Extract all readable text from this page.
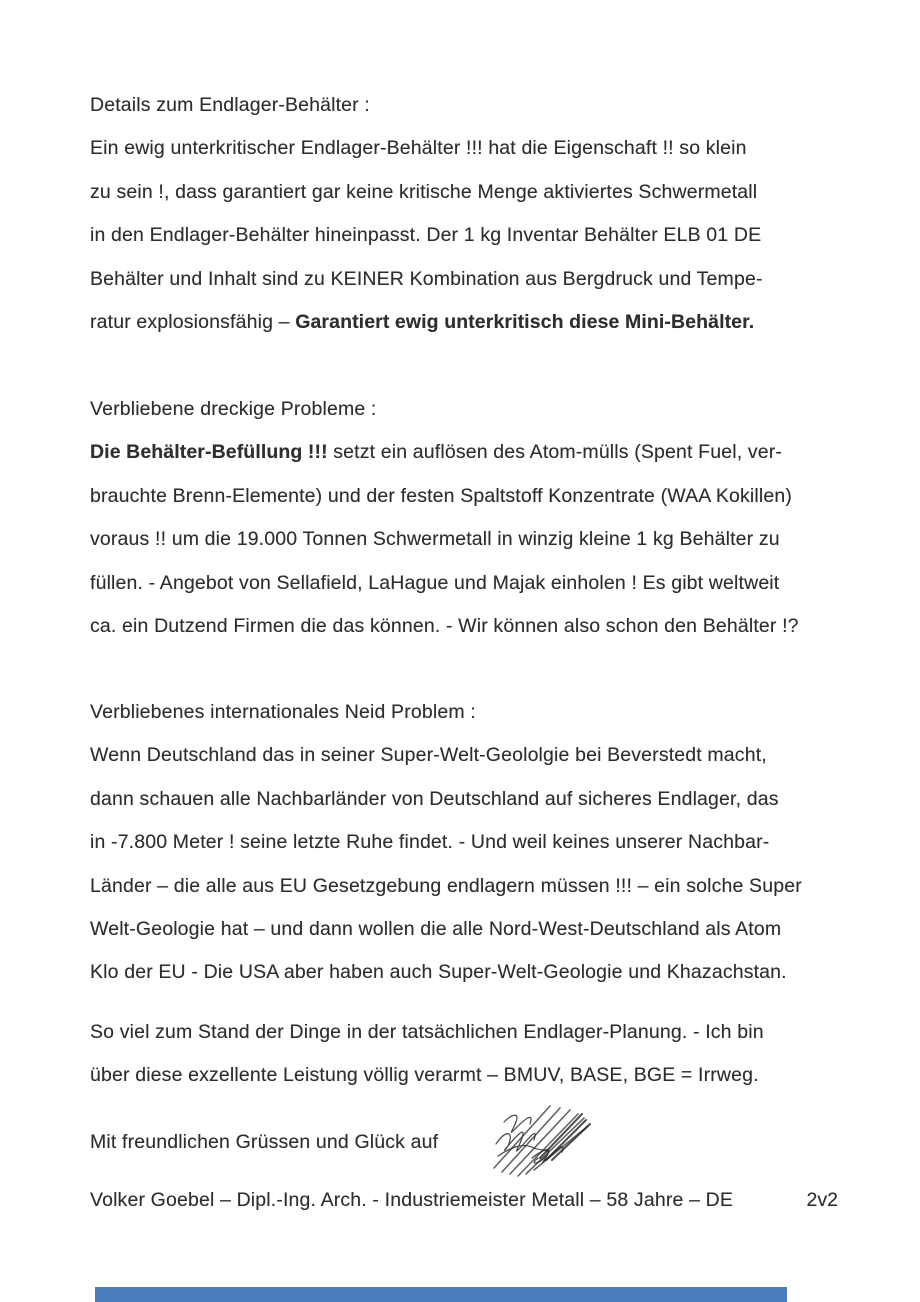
Details zum Endlager-Behälter :
Ein ewig unterkritischer Endlager-Behälter !!! hat die Eigenschaft !! so klein
zu sein !, dass garantiert gar keine kritische Menge aktiviertes Schwermetall
in den Endlager-Behälter hineinpasst. Der 1 kg Inventar Behälter ELB 01 DE
Behälter und Inhalt sind zu KEINER Kombination aus Bergdruck und Tempe-
ratur explosionsfähig – Garantiert ewig unterkritisch diese Mini-Behälter.
Verbliebene dreckige Probleme :
Die Behälter-Befüllung !!! setzt ein auflösen des Atom-mülls (Spent Fuel, ver-
brauchte Brenn-Elemente) und der festen Spaltstoff Konzentrate (WAA Kokillen)
voraus !! um die 19.000 Tonnen Schwermetall in winzig kleine 1 kg Behälter zu
füllen. - Angebot von Sellafield, LaHague und Majak einholen ! Es gibt weltweit
ca. ein Dutzend Firmen die das können. - Wir können also schon den Behälter !?
Verbliebenes internationales Neid Problem :
Wenn Deutschland das in seiner Super-Welt-Geololgie bei Beverstedt macht,
dann schauen alle Nachbarländer von Deutschland auf sicheres Endlager, das
in -7.800 Meter ! seine letzte Ruhe findet. - Und weil keines unserer Nachbar-
Länder – die alle aus EU Gesetzgebung endlagern müssen !!! – ein solche Super
Welt-Geologie hat – und dann wollen die alle Nord-West-Deutschland als Atom
Klo der EU - Die USA aber haben auch Super-Welt-Geologie und Khazachstan.
So viel zum Stand der Dinge in der tatsächlichen Endlager-Planung. - Ich bin
über diese exzellente Leistung völlig verarmt – BMUV, BASE, BGE = Irrweg.
Mit freundlichen Grüssen und Glück auf
Volker Goebel – Dipl.-Ing. Arch. - Industriemeister Metall – 58 Jahre – DE	2v2
